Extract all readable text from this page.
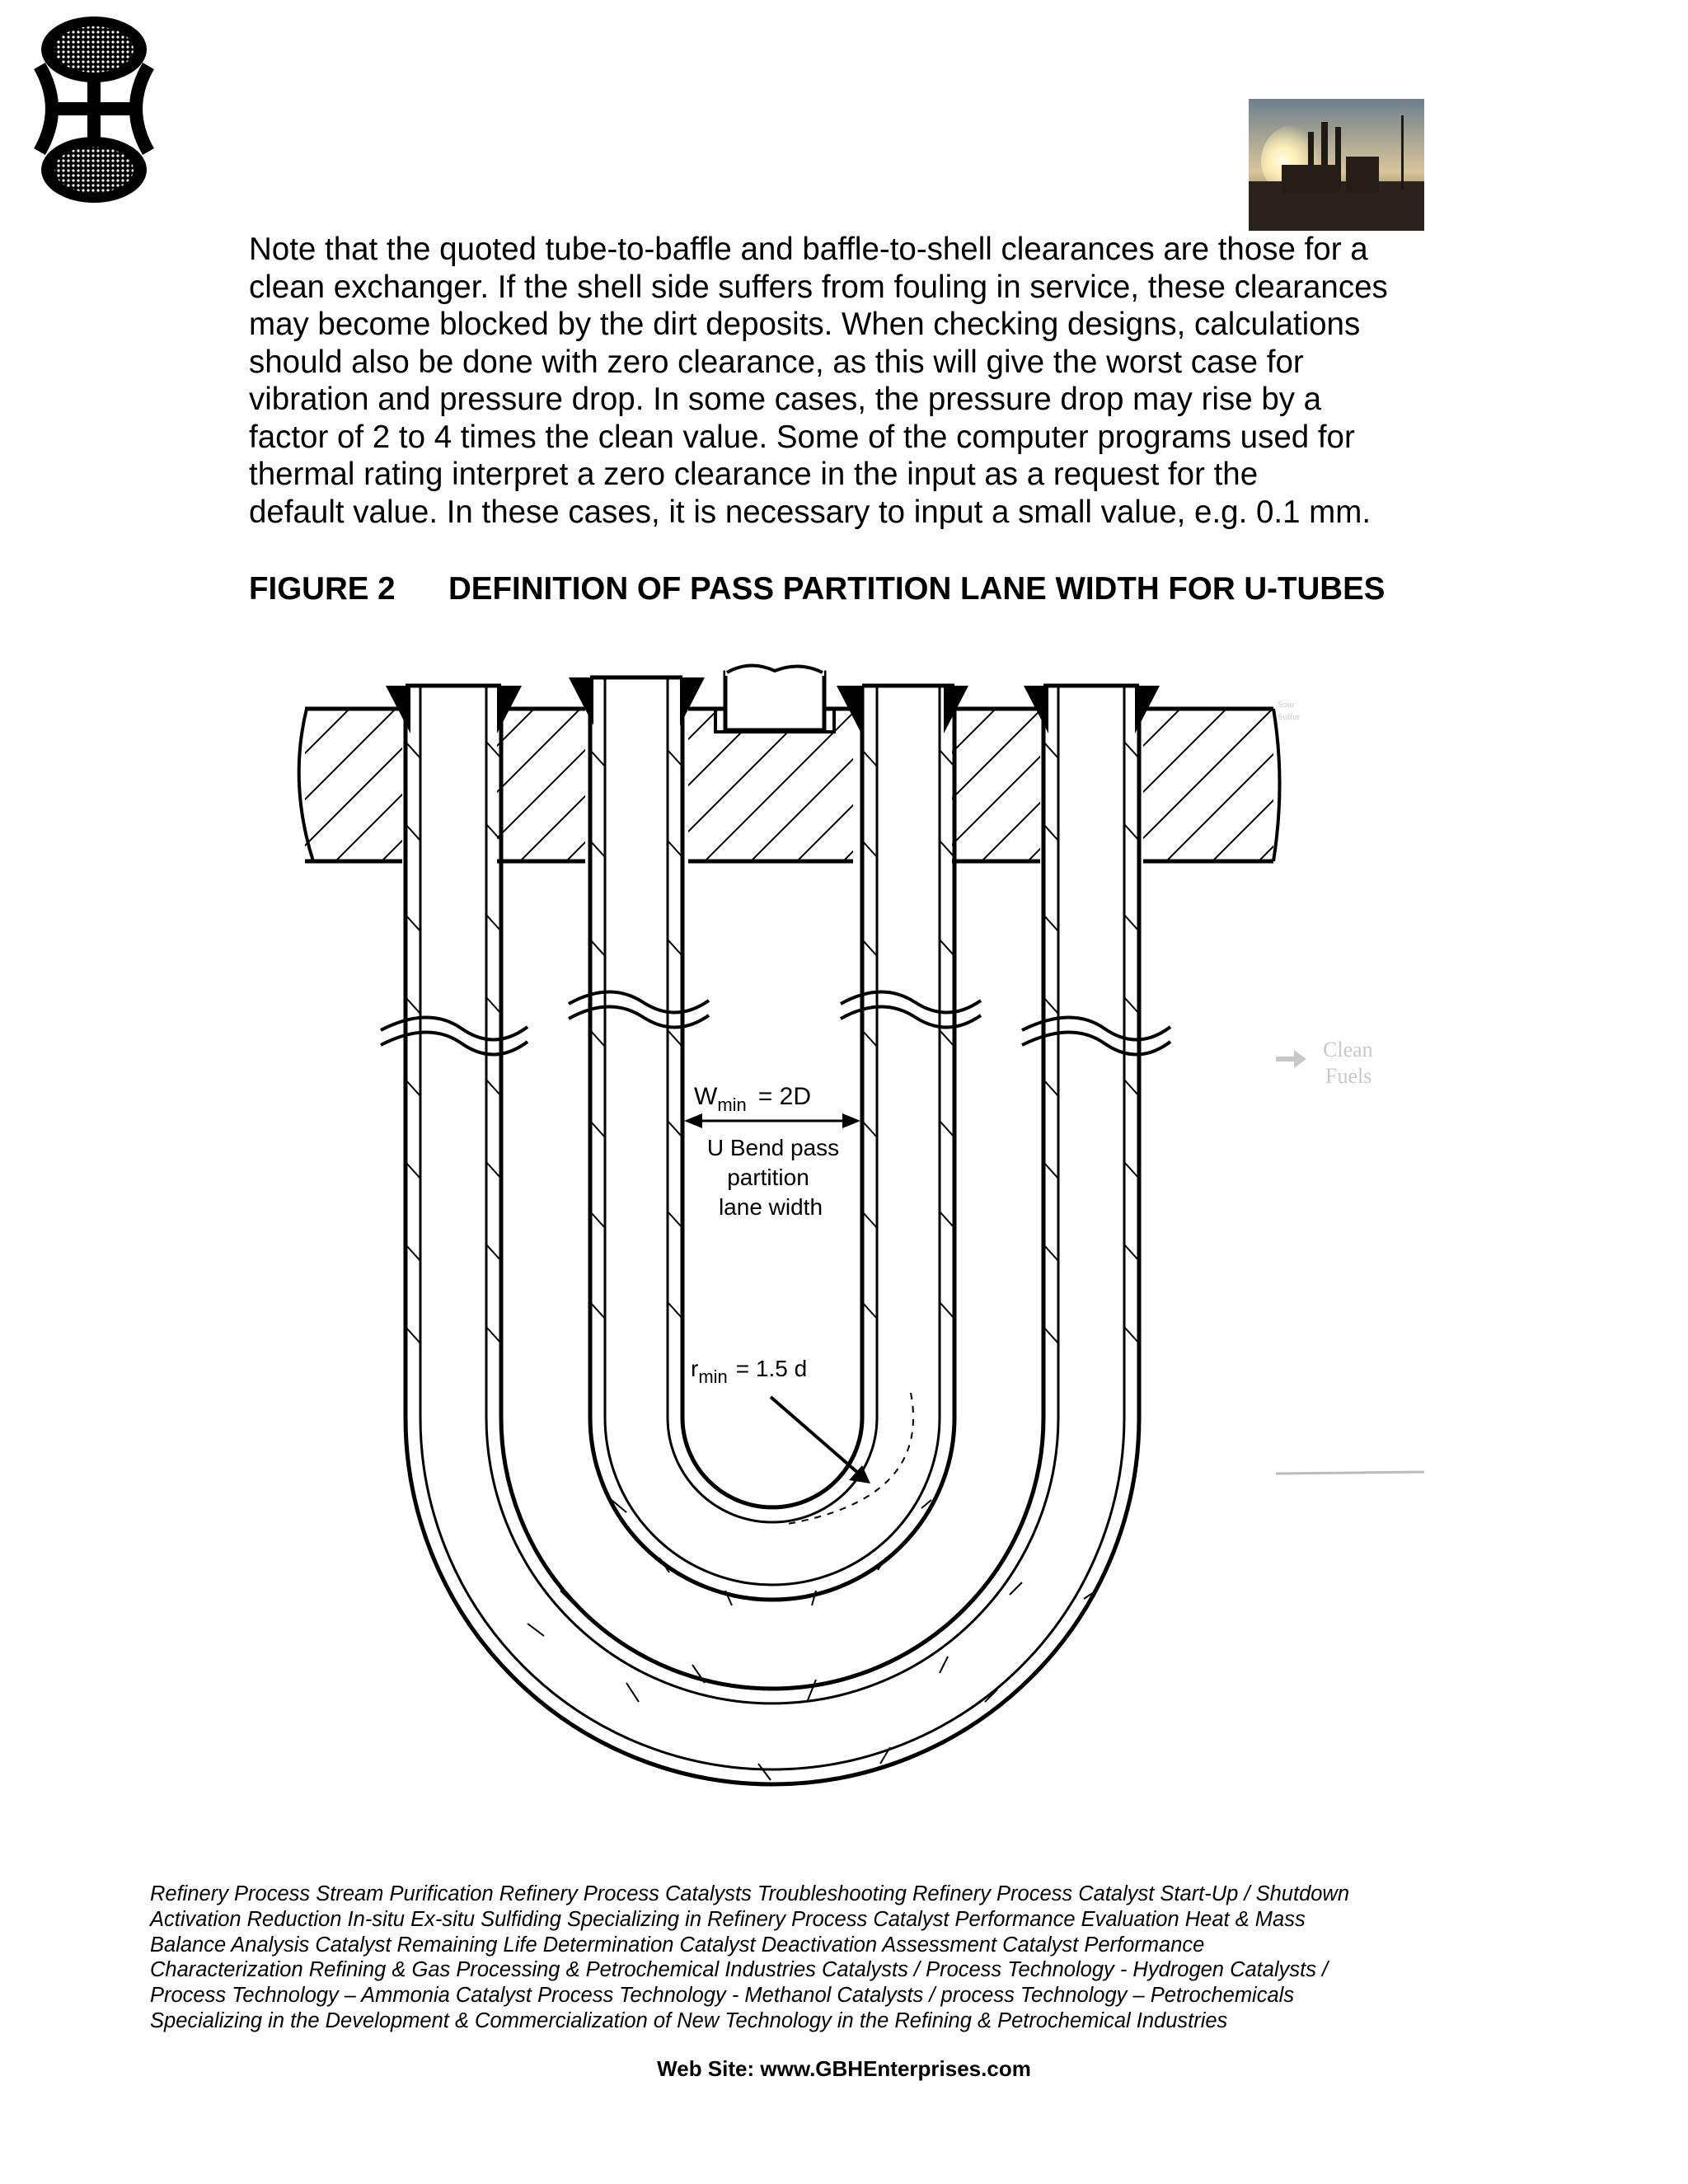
Note that the quoted tube-to-baffle and baffle-to-shell clearances are those for a
clean exchanger. If the shell side suffers from fouling in service, these clearances
may become blocked by the dirt deposits. When checking designs, calculations
should also be done with zero clearance, as this will give the worst case for
vibration and pressure drop. In some cases, the pressure drop may rise by a
factor of 2 to 4 times the clean value. Some of the computer programs used for
thermal rating interpret a zero clearance in the input as a request for the
default value. In these cases, it is necessary to input a small value, e.g. 0.1 mm.
FIGURE 2 DEFINITION OF PASS PARTITION LANE WIDTH FOR U-TUBES
$W_{min} = 2D$
U Bend pass
partition
lane width
$r_{min} = 1.5$ d
Clean
Fuels
Sour
Sulfur
Refinery Process Stream Purification Refinery Process Catalysts Troubleshooting Refinery Process Catalyst Start-Up / Shutdown
Activation Reduction In-situ Ex-situ Sulfiding Specializing in Refinery Process Catalyst Performance Evaluation Heat & Mass
Balance Analysis Catalyst Remaining Life Determination Catalyst Deactivation Assessment Catalyst Performance
Characterization Refining & Gas Processing & Petrochemical Industries Catalysts / Process Technology - Hydrogen Catalysts /
Process Technology – Ammonia Catalyst Process Technology - Methanol Catalysts / process Technology – Petrochemicals
Specializing in the Development & Commercialization of New Technology in the Refining & Petrochemical Industries
Web Site: www.GBHEnterprises.com
